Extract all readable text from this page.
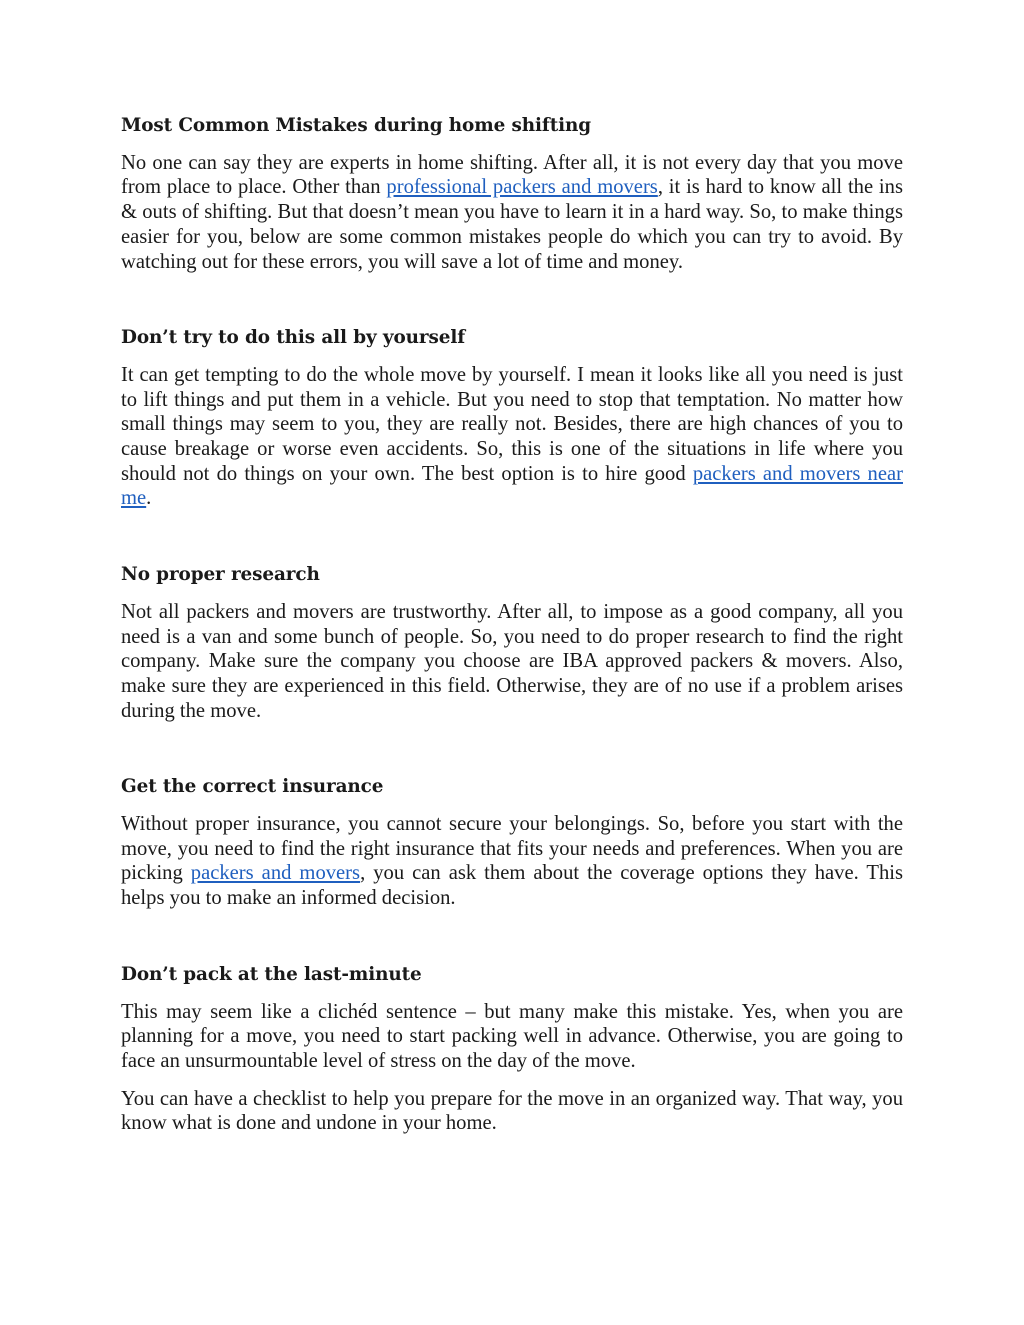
Most Common Mistakes during home shifting

No one can say they are experts in home shifting. After all, it is not every day that you move from place to place. Other than professional packers and movers, it is hard to know all the ins & outs of shifting. But that doesn’t mean you have to learn it in a hard way. So, to make things easier for you, below are some common mistakes people do which you can try to avoid. By watching out for these errors, you will save a lot of time and money.

Don’t try to do this all by yourself

It can get tempting to do the whole move by yourself. I mean it looks like all you need is just to lift things and put them in a vehicle. But you need to stop that temptation. No matter how small things may seem to you, they are really not. Besides, there are high chances of you to cause breakage or worse even accidents. So, this is one of the situations in life where you should not do things on your own. The best option is to hire good packers and movers near me.

No proper research

Not all packers and movers are trustworthy. After all, to impose as a good company, all you need is a van and some bunch of people. So, you need to do proper research to find the right company. Make sure the company you choose are IBA approved packers & movers. Also, make sure they are experienced in this field. Otherwise, they are of no use if a problem arises during the move.

Get the correct insurance

Without proper insurance, you cannot secure your belongings. So, before you start with the move, you need to find the right insurance that fits your needs and preferences. When you are picking packers and movers, you can ask them about the coverage options they have. This helps you to make an informed decision.

Don’t pack at the last-minute

This may seem like a clichéd sentence – but many make this mistake. Yes, when you are planning for a move, you need to start packing well in advance. Otherwise, you are going to face an unsurmountable level of stress on the day of the move.

You can have a checklist to help you prepare for the move in an organized way. That way, you know what is done and undone in your home.
